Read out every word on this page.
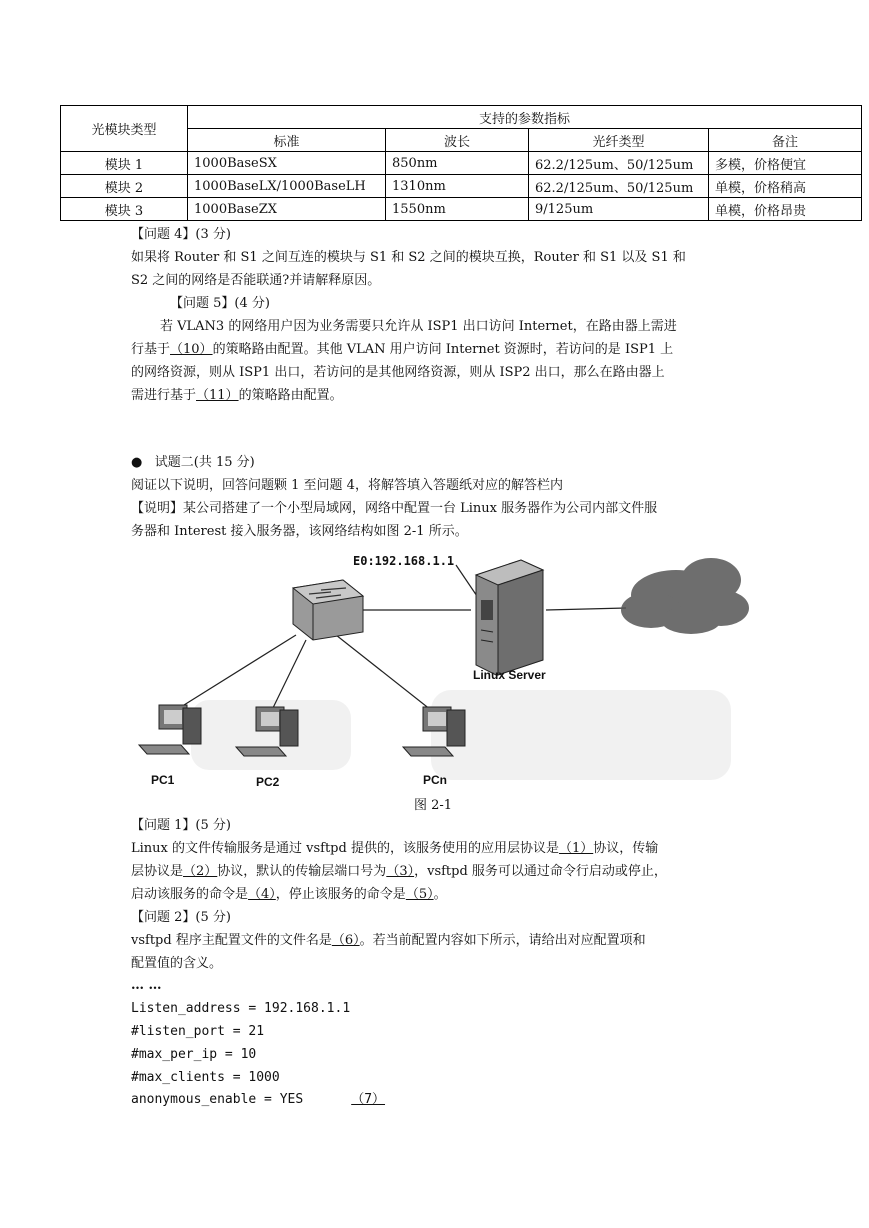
光模块类型	支持的参数指标			
	标准	波长	光纤类型	备注
模块 1	1000BaseSX	850nm	62.2/125um、50/125um	多模，价格便宜
模块 2	1000BaseLX/1000BaseLH	1310nm	62.2/125um、50/125um	单模，价格稍高
模块 3	1000BaseZX	1550nm	9/125um	单模，价格昂贵
【问题 4】(3 分)
如果将 Router 和 S1 之间互连的模块与 S1 和 S2 之间的模块互换，Router 和 S1 以及 S1 和
S2 之间的网络是否能联通?并请解释原因。
【问题 5】(4 分)
若 VLAN3 的网络用户因为业务需要只允许从 ISP1 出口访问 Internet，在路由器上需进
行基于（10）的策略路由配置。其他 VLAN 用户访问 Internet 资源时，若访问的是 ISP1 上
的网络资源，则从 ISP1 出口，若访问的是其他网络资源，则从 ISP2 出口，那么在路由器上
需进行基于（11）的策略路由配置。
● 试题二(共 15 分)
阅证以下说明，回答问题颗 1 至问题 4，将解答填入答题纸对应的解答栏内
【说明】某公司搭建了一个小型局域网，网络中配置一台 Linux 服务器作为公司内部文件服
务器和 Interest 接入服务器，该网络结构如图 2-1 所示。
E0:192.168.1.1
Linux Server
PC1	PC2	PCn
图 2-1
【问题 1】(5 分)
Linux 的文件传输服务是通过 vsftpd 提供的，该服务使用的应用层协议是（1）协议，传输
层协议是（2）协议，默认的传输层端口号为（3），vsftpd 服务可以通过命令行启动或停止，
启动该服务的命令是（4），停止该服务的命令是（5）。
【问题 2】(5 分)
vsftpd 程序主配置文件的文件名是（6）。若当前配置内容如下所示，请给出对应配置项和
配置值的含义。
… …
Listen_address = 192.168.1.1
#listen_port = 21
#max_per_ip = 10
#max_clients = 1000
anonymous_enable = YES	（7）
